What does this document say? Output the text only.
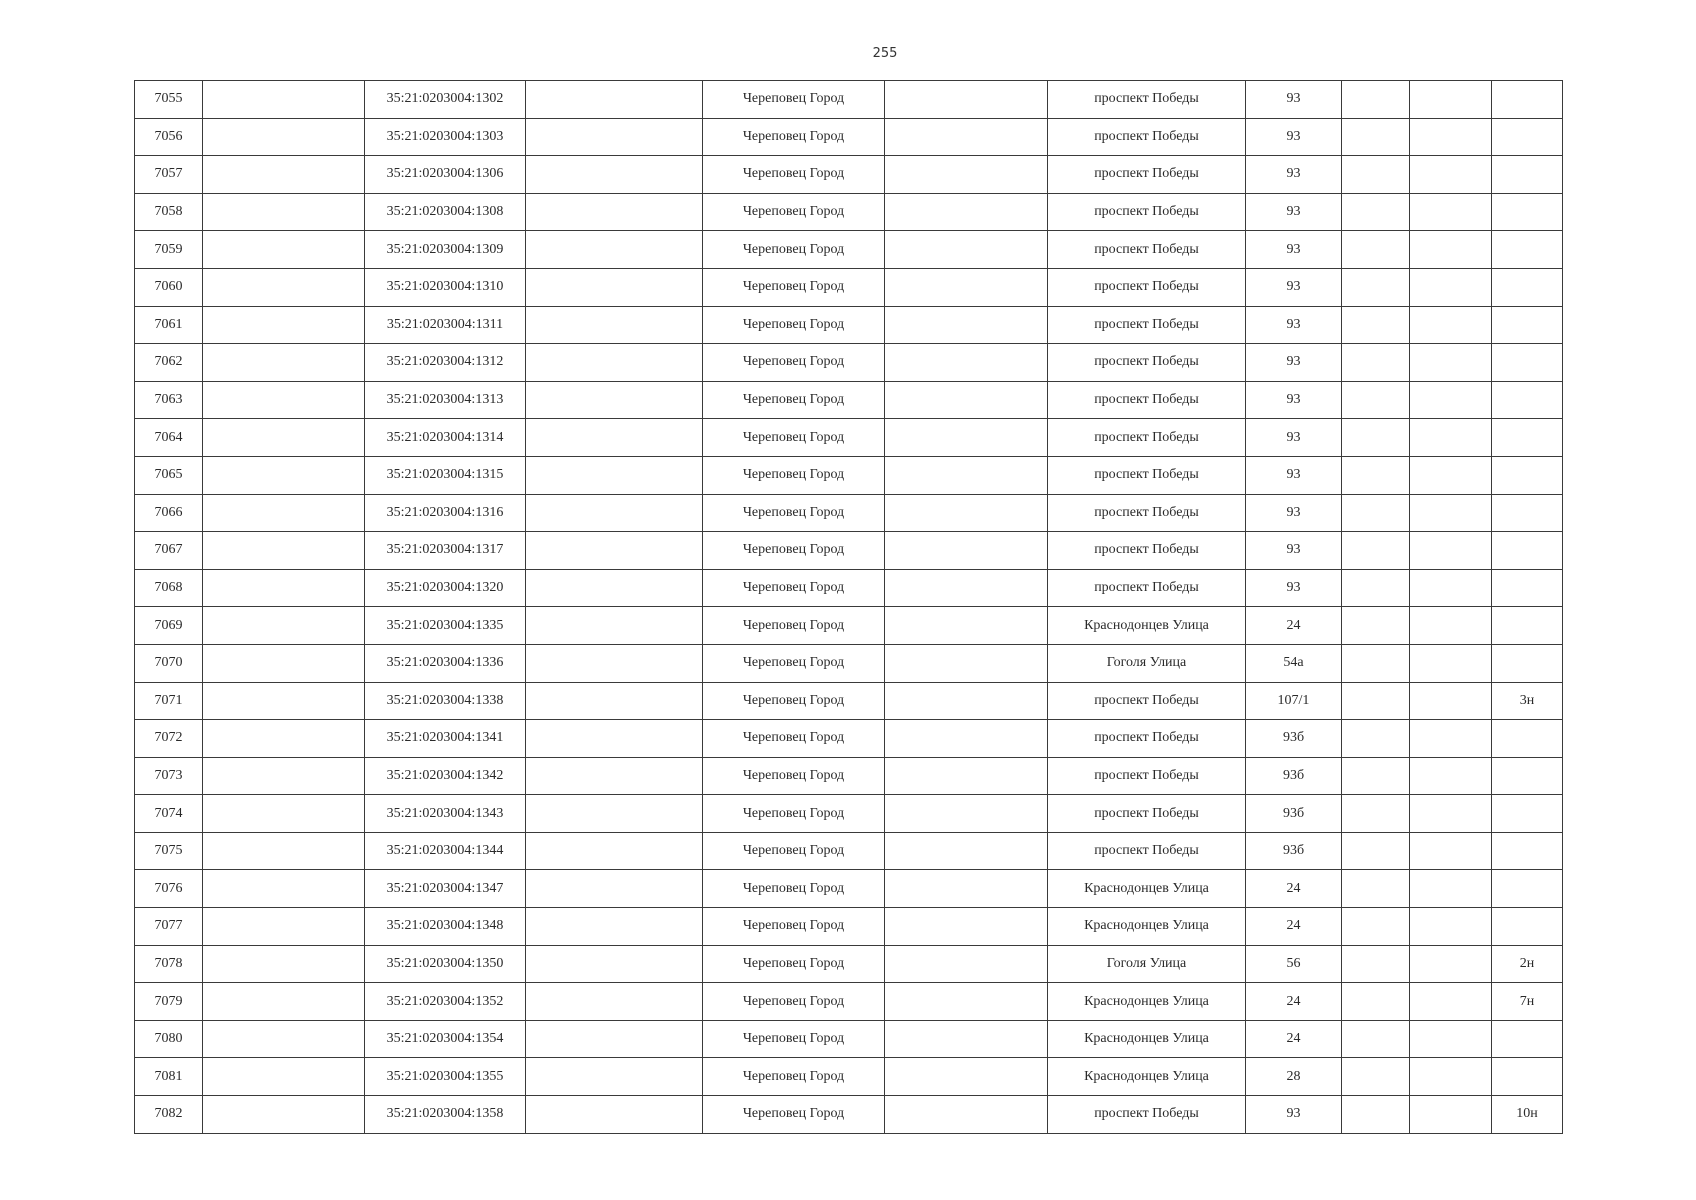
255
7055		35:21:0203004:1302		Череповец Город		проспект Победы	93			
7056		35:21:0203004:1303		Череповец Город		проспект Победы	93			
7057		35:21:0203004:1306		Череповец Город		проспект Победы	93			
7058		35:21:0203004:1308		Череповец Город		проспект Победы	93			
7059		35:21:0203004:1309		Череповец Город		проспект Победы	93			
7060		35:21:0203004:1310		Череповец Город		проспект Победы	93			
7061		35:21:0203004:1311		Череповец Город		проспект Победы	93			
7062		35:21:0203004:1312		Череповец Город		проспект Победы	93			
7063		35:21:0203004:1313		Череповец Город		проспект Победы	93			
7064		35:21:0203004:1314		Череповец Город		проспект Победы	93			
7065		35:21:0203004:1315		Череповец Город		проспект Победы	93			
7066		35:21:0203004:1316		Череповец Город		проспект Победы	93			
7067		35:21:0203004:1317		Череповец Город		проспект Победы	93			
7068		35:21:0203004:1320		Череповец Город		проспект Победы	93			
7069		35:21:0203004:1335		Череповец Город		Краснодонцев Улица	24			
7070		35:21:0203004:1336		Череповец Город		Гоголя Улица	54а			
7071		35:21:0203004:1338		Череповец Город		проспект Победы	107/1			3н
7072		35:21:0203004:1341		Череповец Город		проспект Победы	93б			
7073		35:21:0203004:1342		Череповец Город		проспект Победы	93б			
7074		35:21:0203004:1343		Череповец Город		проспект Победы	93б			
7075		35:21:0203004:1344		Череповец Город		проспект Победы	93б			
7076		35:21:0203004:1347		Череповец Город		Краснодонцев Улица	24			
7077		35:21:0203004:1348		Череповец Город		Краснодонцев Улица	24			
7078		35:21:0203004:1350		Череповец Город		Гоголя Улица	56			2н
7079		35:21:0203004:1352		Череповец Город		Краснодонцев Улица	24			7н
7080		35:21:0203004:1354		Череповец Город		Краснодонцев Улица	24			
7081		35:21:0203004:1355		Череповец Город		Краснодонцев Улица	28			
7082		35:21:0203004:1358		Череповец Город		проспект Победы	93			10н
